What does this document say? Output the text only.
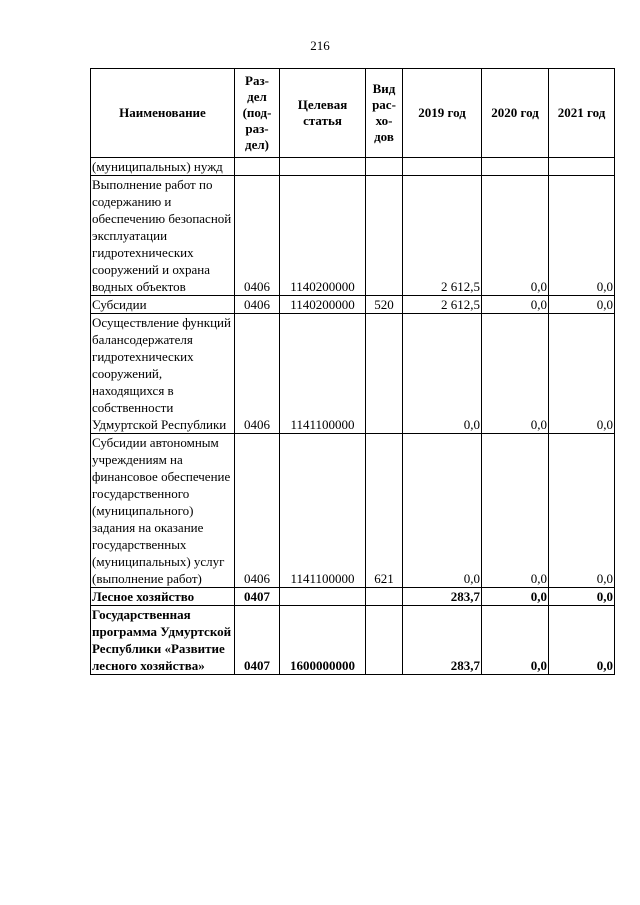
216
Наименование	Раз-дел (под-раз-дел)	Целевая статья	Вид рас-хо-дов	2019 год	2020 год	2021 год
(муниципальных) нужд						
Выполнение работ по содержанию и обеспечению безопасной эксплуатации гидротехнических сооружений и охрана водных объектов	0406	1140200000		2 612,5	0,0	0,0
Субсидии	0406	1140200000	520	2 612,5	0,0	0,0
Осуществление функций балансодержателя гидротехнических сооружений, находящихся в собственности Удмуртской Республики	0406	1141100000		0,0	0,0	0,0
Субсидии автономным учреждениям на финансовое обеспечение государственного (муниципального) задания на оказание государственных (муниципальных) услуг (выполнение работ)	0406	1141100000	621	0,0	0,0	0,0
Лесное хозяйство	0407			283,7	0,0	0,0
Государственная программа Удмуртской Республики «Развитие лесного хозяйства»	0407	1600000000		283,7	0,0	0,0
